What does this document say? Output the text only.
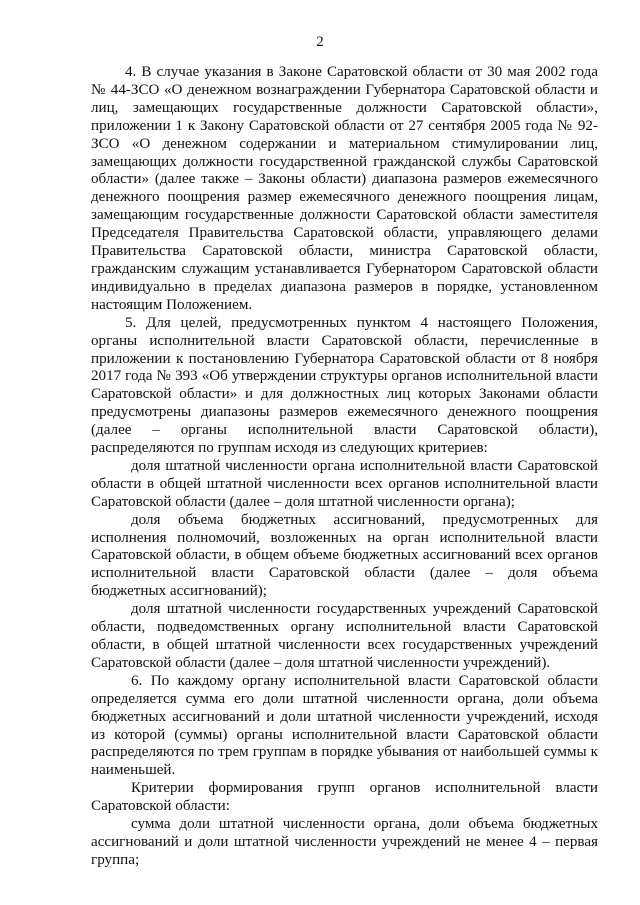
2

4. В случае указания в Законе Саратовской области от 30 мая 2002 года № 44-ЗСО «О денежном вознаграждении Губернатора Саратовской области и лиц, замещающих государственные должности Саратовской области», приложении 1 к Закону Саратовской области от 27 сентября 2005 года № 92-ЗСО «О денежном содержании и материальном стимулировании лиц, замещающих должности государственной гражданской службы Саратовской области» (далее также – Законы области) диапазона размеров ежемесячного денежного поощрения размер ежемесячного денежного поощрения лицам, замещающим государственные должности Саратовской области заместителя Председателя Правительства Саратовской области, управляющего делами Правительства Саратовской области, министра Саратовской области, гражданским служащим устанавливается Губернатором Саратовской области индивидуально в пределах диапазона размеров в порядке, установленном настоящим Положением.

5. Для целей, предусмотренных пунктом 4 настоящего Положения, органы исполнительной власти Саратовской области, перечисленные в приложении к постановлению Губернатора Саратовской области от 8 ноября 2017 года № 393 «Об утверждении структуры органов исполнительной власти Саратовской области» и для должностных лиц которых Законами области предусмотрены диапазоны размеров ежемесячного денежного поощрения (далее – органы исполнительной власти Саратовской области), распределяются по группам исходя из следующих критериев:

доля штатной численности органа исполнительной власти Саратовской области в общей штатной численности всех органов исполнительной власти Саратовской области (далее – доля штатной численности органа);

доля объема бюджетных ассигнований, предусмотренных для исполнения полномочий, возложенных на орган исполнительной власти Саратовской области, в общем объеме бюджетных ассигнований всех органов исполнительной власти Саратовской области (далее – доля объема бюджетных ассигнований);

доля штатной численности государственных учреждений Саратовской области, подведомственных органу исполнительной власти Саратовской области, в общей штатной численности всех государственных учреждений Саратовской области (далее – доля штатной численности учреждений).

6. По каждому органу исполнительной власти Саратовской области определяется сумма его доли штатной численности органа, доли объема бюджетных ассигнований и доли штатной численности учреждений, исходя из которой (суммы) органы исполнительной власти Саратовской области распределяются по трем группам в порядке убывания от наибольшей суммы к наименьшей.

Критерии формирования групп органов исполнительной власти Саратовской области:

сумма доли штатной численности органа, доли объема бюджетных ассигнований и доли штатной численности учреждений не менее 4 – первая группа;
